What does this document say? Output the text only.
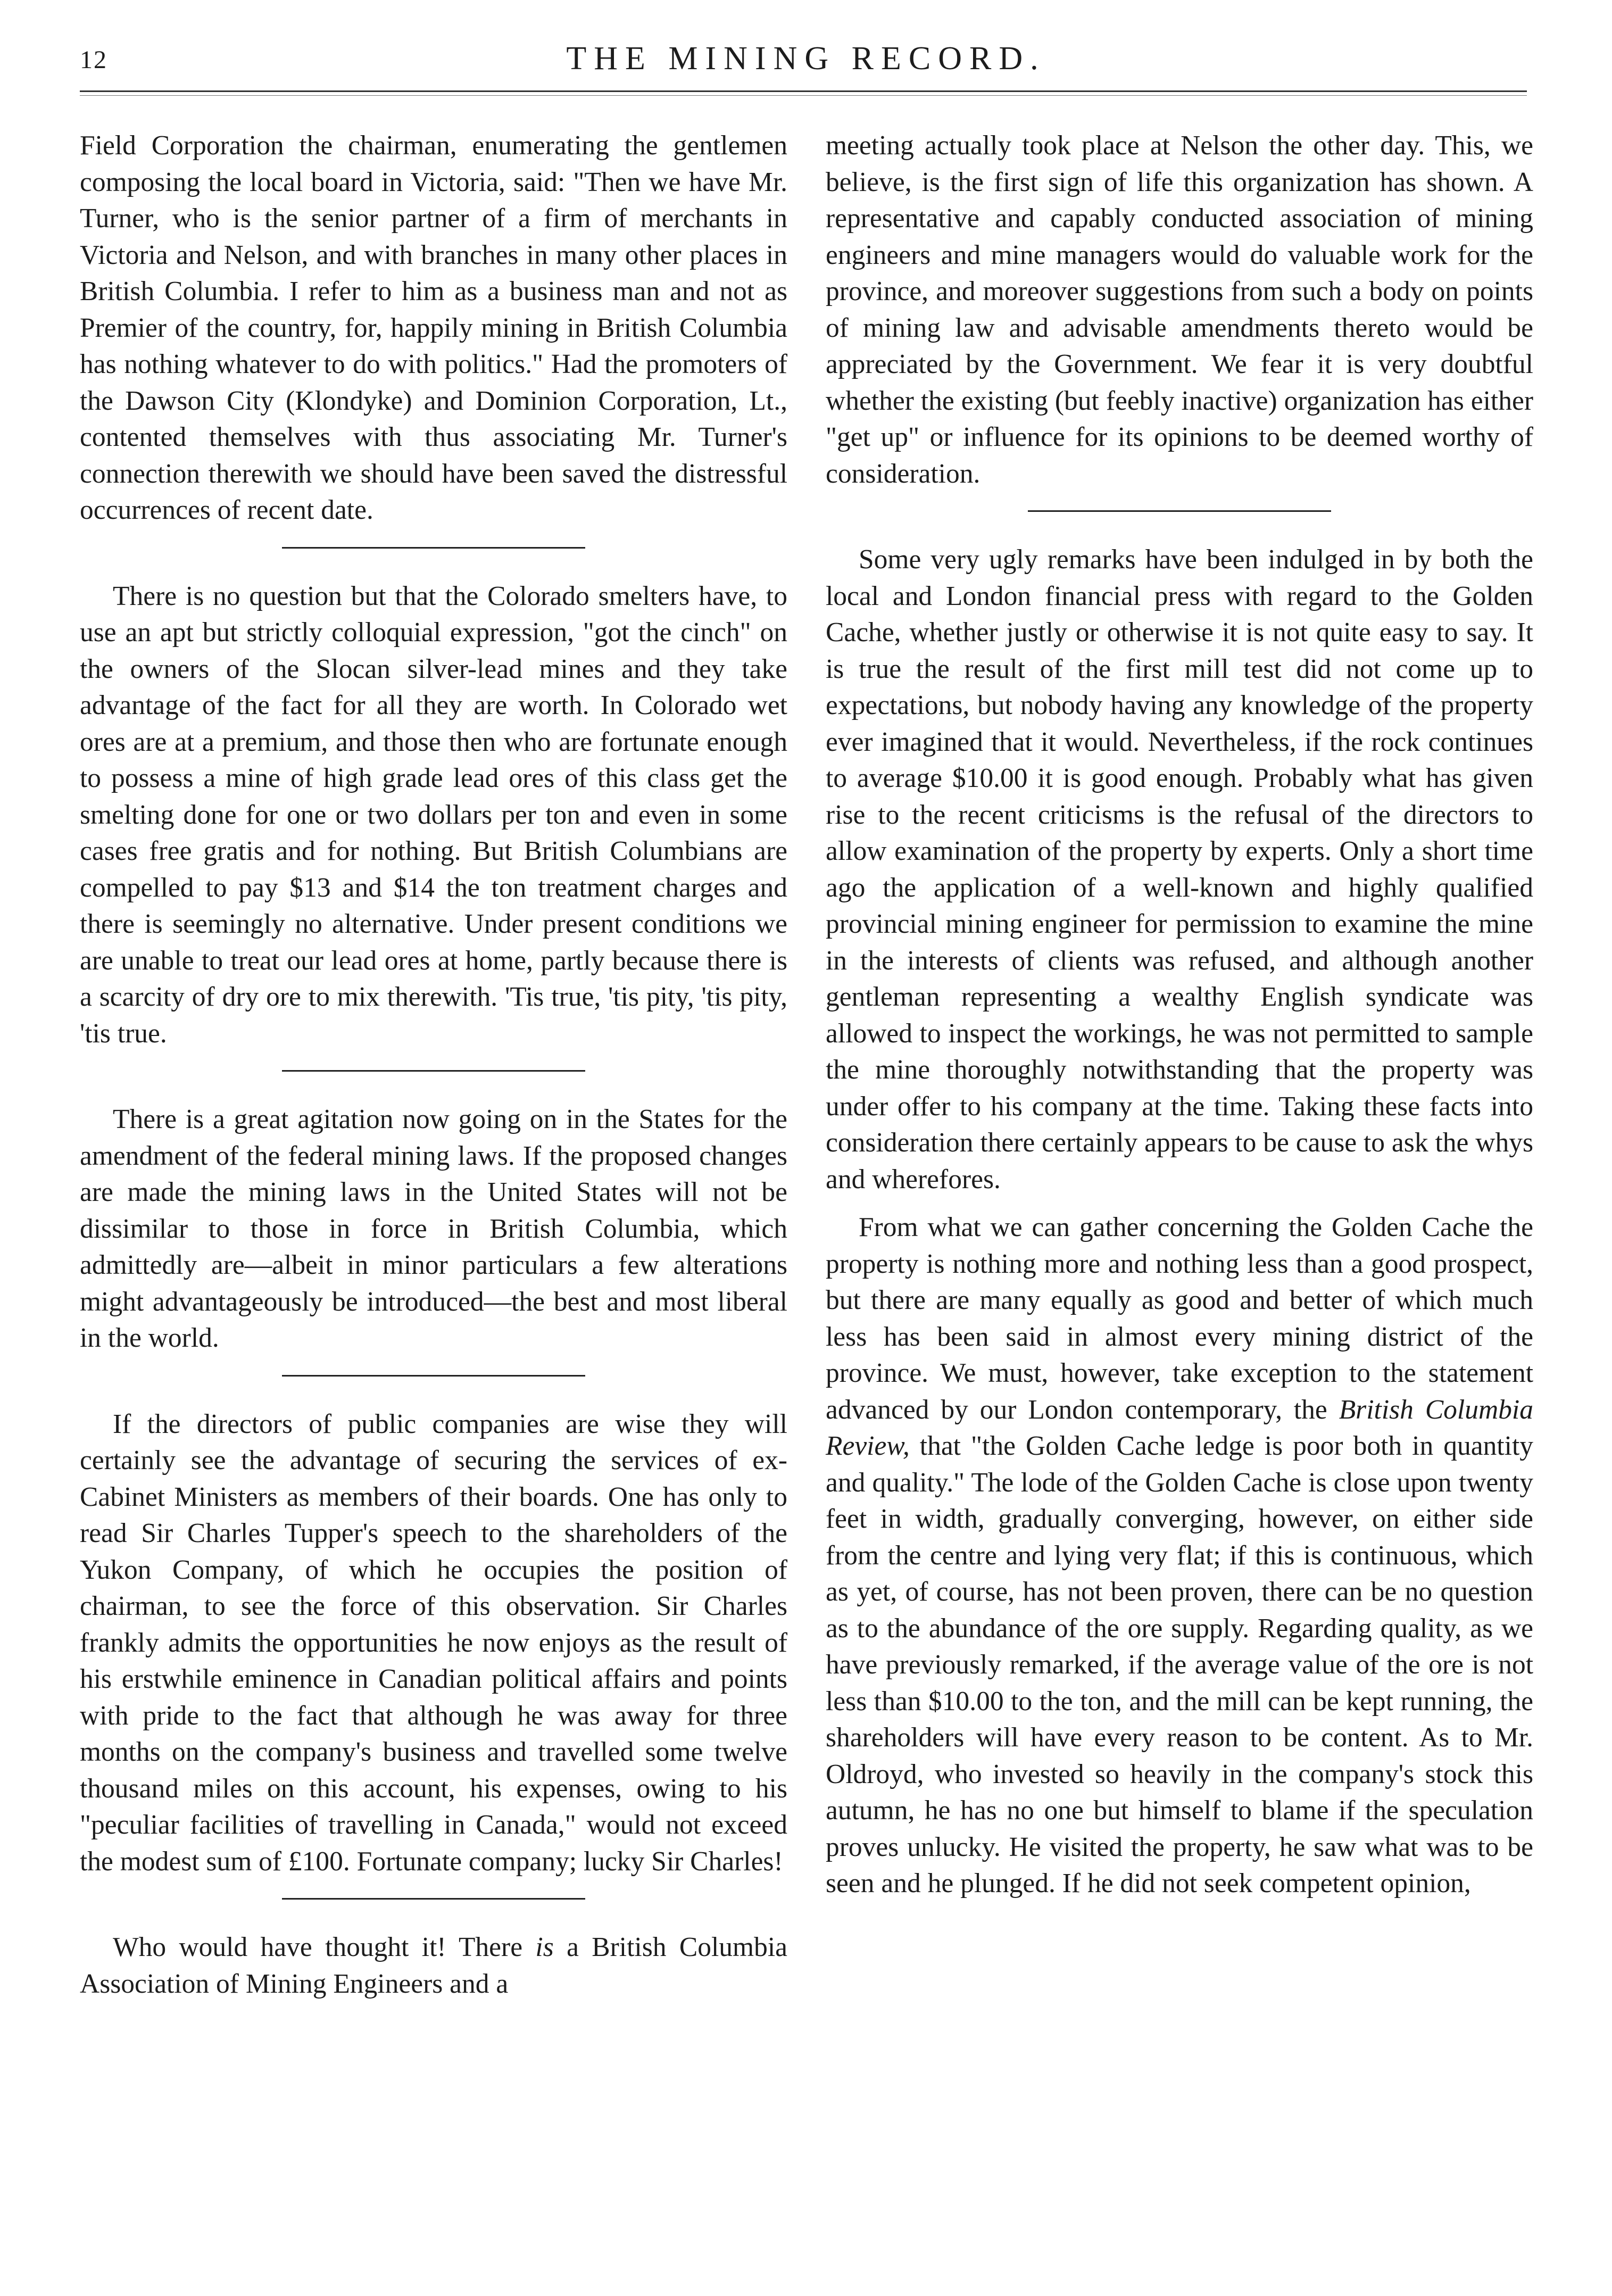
12	THE MINING RECORD.

Field Corporation the chairman, enumerating the gentlemen composing the local board in Victoria, said: "Then we have Mr. Turner, who is the senior partner of a firm of merchants in Victoria and Nelson, and with branches in many other places in British Columbia. I refer to him as a business man and not as Premier of the country, for, happily mining in British Columbia has nothing whatever to do with politics." Had the promoters of the Dawson City (Klondyke) and Dominion Corporation, Lt., contented themselves with thus associating Mr. Turner's connection therewith we should have been saved the distressful occurrences of recent date.

There is no question but that the Colorado smelters have, to use an apt but strictly colloquial expression, "got the cinch" on the owners of the Slocan silver-lead mines and they take advantage of the fact for all they are worth. In Colorado wet ores are at a premium, and those then who are fortunate enough to possess a mine of high grade lead ores of this class get the smelting done for one or two dollars per ton and even in some cases free gratis and for nothing. But British Columbians are compelled to pay $13 and $14 the ton treatment charges and there is seemingly no alternative. Under present conditions we are unable to treat our lead ores at home, partly because there is a scarcity of dry ore to mix therewith. 'Tis true, 'tis pity, 'tis pity, 'tis true.

There is a great agitation now going on in the States for the amendment of the federal mining laws. If the proposed changes are made the mining laws in the United States will not be dissimilar to those in force in British Columbia, which admittedly are—albeit in minor particulars a few alterations might advantageously be introduced—the best and most liberal in the world.

If the directors of public companies are wise they will certainly see the advantage of securing the services of ex-Cabinet Ministers as members of their boards. One has only to read Sir Charles Tupper's speech to the shareholders of the Yukon Company, of which he occupies the position of chairman, to see the force of this observation. Sir Charles frankly admits the opportunities he now enjoys as the result of his erstwhile eminence in Canadian political affairs and points with pride to the fact that although he was away for three months on the company's business and travelled some twelve thousand miles on this account, his expenses, owing to his "peculiar facilities of travelling in Canada," would not exceed the modest sum of £100. Fortunate company; lucky Sir Charles!

Who would have thought it! There is a British Columbia Association of Mining Engineers and a

meeting actually took place at Nelson the other day. This, we believe, is the first sign of life this organization has shown. A representative and capably conducted association of mining engineers and mine managers would do valuable work for the province, and moreover suggestions from such a body on points of mining law and advisable amendments thereto would be appreciated by the Government. We fear it is very doubtful whether the existing (but feebly inactive) organization has either "get up" or influence for its opinions to be deemed worthy of consideration.

Some very ugly remarks have been indulged in by both the local and London financial press with regard to the Golden Cache, whether justly or otherwise it is not quite easy to say. It is true the result of the first mill test did not come up to expectations, but nobody having any knowledge of the property ever imagined that it would. Nevertheless, if the rock continues to average $10.00 it is good enough. Probably what has given rise to the recent criticisms is the refusal of the directors to allow examination of the property by experts. Only a short time ago the application of a well-known and highly qualified provincial mining engineer for permission to examine the mine in the interests of clients was refused, and although another gentleman representing a wealthy English syndicate was allowed to inspect the workings, he was not permitted to sample the mine thoroughly notwithstanding that the property was under offer to his company at the time. Taking these facts into consideration there certainly appears to be cause to ask the whys and wherefores.

From what we can gather concerning the Golden Cache the property is nothing more and nothing less than a good prospect, but there are many equally as good and better of which much less has been said in almost every mining district of the province. We must, however, take exception to the statement advanced by our London contemporary, the British Columbia Review, that "the Golden Cache ledge is poor both in quantity and quality." The lode of the Golden Cache is close upon twenty feet in width, gradually converging, however, on either side from the centre and lying very flat; if this is continuous, which as yet, of course, has not been proven, there can be no question as to the abundance of the ore supply. Regarding quality, as we have previously remarked, if the average value of the ore is not less than $10.00 to the ton, and the mill can be kept running, the shareholders will have every reason to be content. As to Mr. Oldroyd, who invested so heavily in the company's stock this autumn, he has no one but himself to blame if the speculation proves unlucky. He visited the property, he saw what was to be seen and he plunged. If he did not seek competent opinion,
